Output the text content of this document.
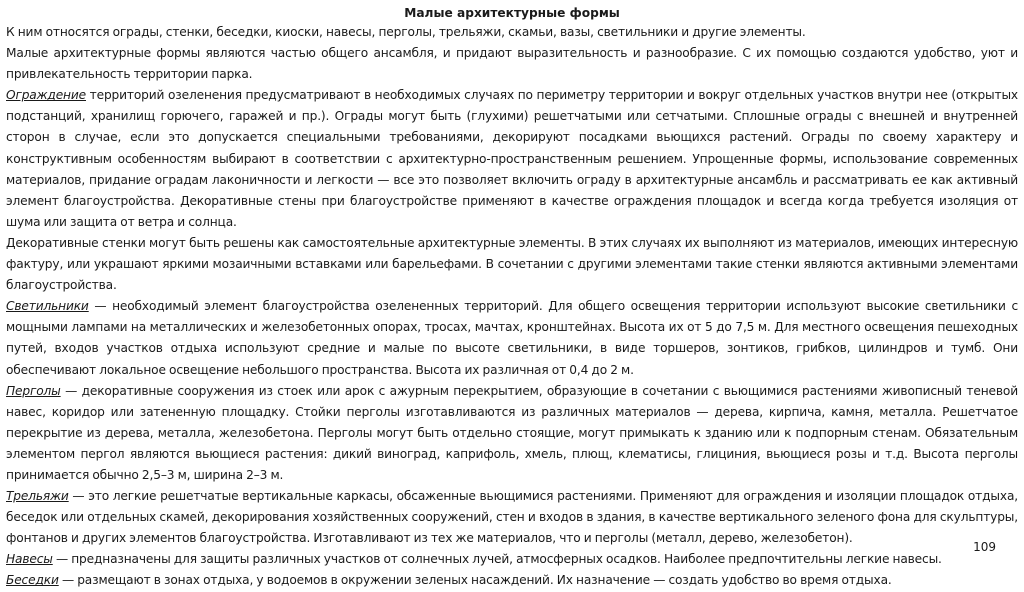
Малые архитектурные формы

К ним относятся ограды, стенки, беседки, киоски, навесы, перголы, трельяжи, скамьи, вазы, светильники и другие элементы.

Малые архитектурные формы являются частью общего ансамбля, и придают выразительность и разнообразие. С их помощью создаются удобство, уют и привлекательность территории парка.

Ограждение территорий озеленения предусматривают в необходимых случаях по периметру территории и вокруг отдельных участков внутри нее (открытых подстанций, хранилищ горючего, гаражей и пр.). Ограды могут быть (глухими) решетчатыми или сетчатыми. Сплошные ограды с внешней и внутренней сторон в случае, если это допускается специальными требованиями, декорируют посадками вьющихся растений. Ограды по своему характеру и конструктивным особенностям выбирают в соответствии с архитектурно-пространственным решением. Упрощенные формы, использование современных материалов, придание оградам лаконичности и легкости — все это позволяет включить ограду в архитектурные ансамбль и рассматривать ее как активный элемент благоустройства. Декоративные стены при благоустройстве применяют в качестве ограждения площадок и всегда когда требуется изоляция от шума или защита от ветра и солнца.

Декоративные стенки могут быть решены как самостоятельные архитектурные элементы. В этих случаях их выполняют из материалов, имеющих интересную фактуру, или украшают яркими мозаичными вставками или барельефами. В сочетании с другими элементами такие стенки являются активными элементами благоустройства.

Светильники — необходимый элемент благоустройства озелененных территорий. Для общего освещения территории используют высокие светильники с мощными лампами на металлических и железобетонных опорах, тросах, мачтах, кронштейнах. Высота их от 5 до 7,5 м. Для местного освещения пешеходных путей, входов участков отдыха используют средние и малые по высоте светильники, в виде торшеров, зонтиков, грибков, цилиндров и тумб. Они обеспечивают локальное освещение небольшого пространства. Высота их различная от 0,4 до 2 м.

Перголы — декоративные сооружения из стоек или арок с ажурным перекрытием, образующие в сочетании с вьющимися растениями живописный теневой навес, коридор или затененную площадку. Стойки перголы изготавливаются из различных материалов — дерева, кирпича, камня, металла. Решетчатое перекрытие из дерева, металла, железобетона. Перголы могут быть отдельно стоящие, могут примыкать к зданию или к подпорным стенам. Обязательным элементом пергол являются вьющиеся растения: дикий виноград, каприфоль, хмель, плющ, клематисы, глициния, вьющиеся розы и т.д. Высота перголы принимается обычно 2,5–3 м, ширина 2–3 м.

Трельяжи — это легкие решетчатые вертикальные каркасы, обсаженные вьющимися растениями. Применяют для ограждения и изоляции площадок отдыха, беседок или отдельных скамей, декорирования хозяйственных сооружений, стен и входов в здания, в качестве вертикального зеленого фона для скульптуры, фонтанов и других элементов благоустройства. Изготавливают из тех же материалов, что и перголы (металл, дерево, железобетон).

Навесы — предназначены для защиты различных участков от солнечных лучей, атмосферных осадков. Наиболее предпочтительны легкие навесы.

Беседки — размещают в зонах отдыха, у водоемов в окружении зеленых насаждений. Их назначение — создать удобство во время отдыха.

109
